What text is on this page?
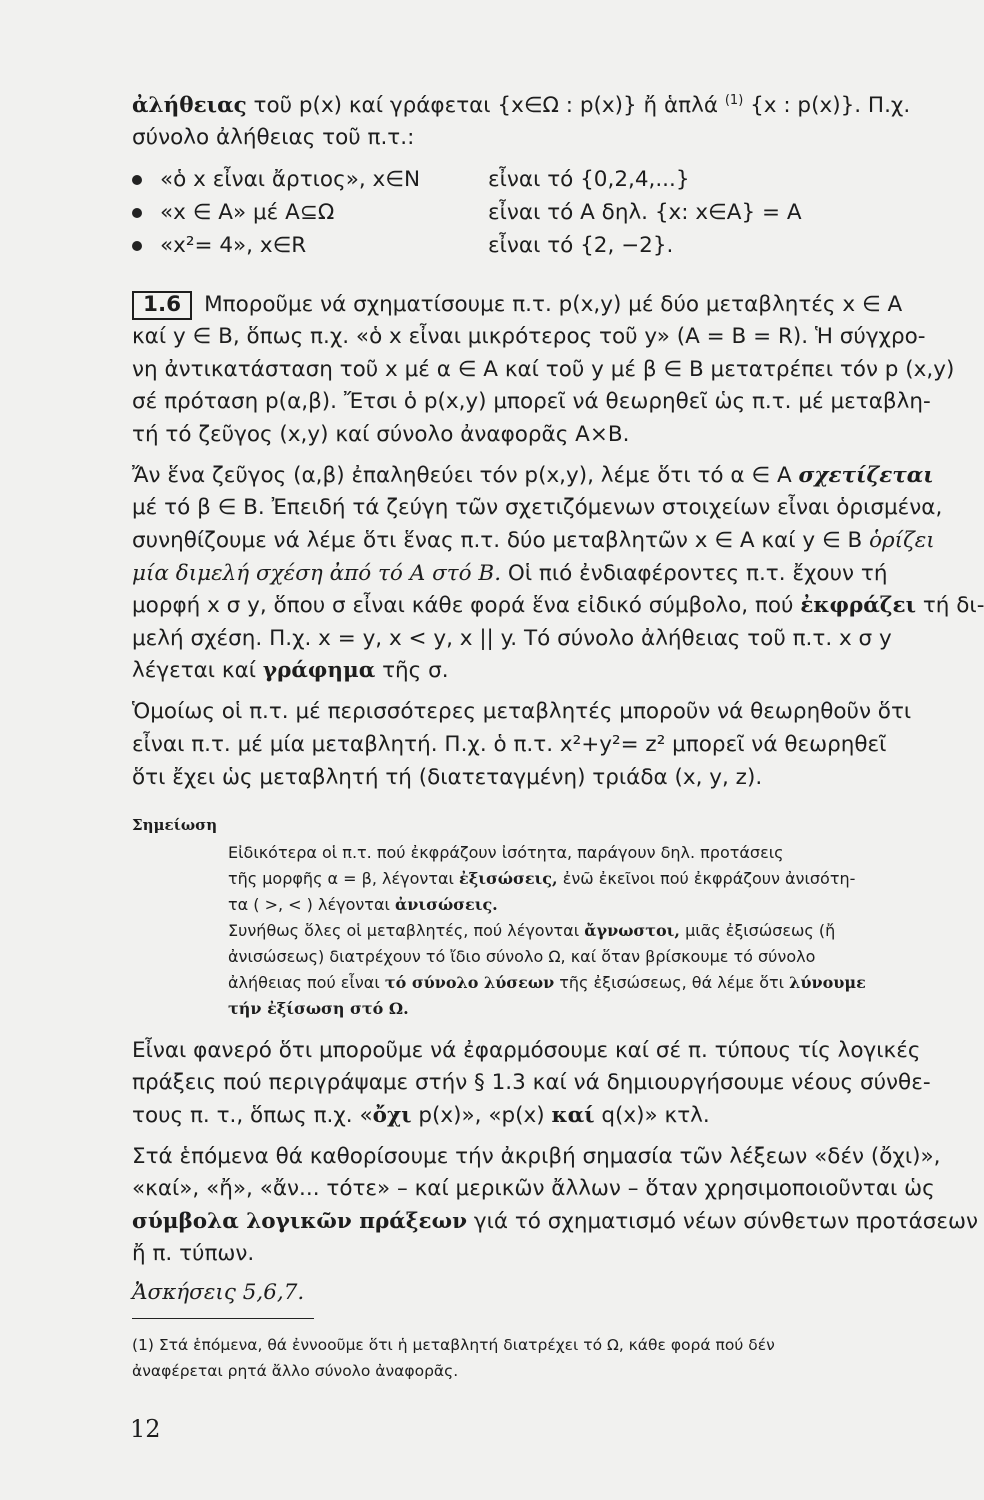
ἀλήθειας τοῦ p(x) καί γράφεται {x∈Ω : p(x)} ἤ ἁπλά $^{(1)}$ {x : p(x)}. Π.χ.
σύνολο ἀλήθειας τοῦ π.τ.:
«ὁ x εἶναι ἄρτιος», x∈N	εἶναι τό {0,2,4,...}
«x ∈ A» μέ A⊆Ω	εἶναι τό A δηλ. {x: x∈A} = A
«x²= 4», x∈R	εἶναι τό {2, −2}.
1.6 Μποροῦμε νά σχηματίσουμε π.τ. p(x,y) μέ δύο μεταβλητές x ∈ A
καί y ∈ B, ὅπως π.χ. «ὁ x εἶναι μικρότερος τοῦ y» (A = B = R). Ἡ σύγχρο-
νη ἀντικατάσταση τοῦ x μέ α ∈ A καί τοῦ y μέ β ∈ B μετατρέπει τόν p (x,y)
σέ πρόταση p(α,β). Ἔτσι ὁ p(x,y) μπορεῖ νά θεωρηθεῖ ὡς π.τ. μέ μεταβλη-
τή τό ζεῦγος (x,y) καί σύνολο ἀναφορᾶς A×B.
Ἄν ἕνα ζεῦγος (α,β) ἐπαληθεύει τόν p(x,y), λέμε ὅτι τό α ∈ A σχετίζεται
μέ τό β ∈ B. Ἐπειδή τά ζεύγη τῶν σχετιζόμενων στοιχείων εἶναι ὁρισμένα,
συνηθίζουμε νά λέμε ὅτι ἕνας π.τ. δύο μεταβλητῶν x ∈ A καί y ∈ B ὁρίζει
μία διμελή σχέση ἀπό τό A στό B. Οἱ πιό ἐνδιαφέροντες π.τ. ἔχουν τή
μορφή x σ y, ὅπου σ εἶναι κάθε φορά ἕνα εἰδικό σύμβολο, πού ἐκφράζει τή δι-
μελή σχέση. Π.χ. x = y, x < y, x || y. Τό σύνολο ἀλήθειας τοῦ π.τ. x σ y
λέγεται καί γράφημα τῆς σ.
Ὁμοίως οἱ π.τ. μέ περισσότερες μεταβλητές μποροῦν νά θεωρηθοῦν ὅτι
εἶναι π.τ. μέ μία μεταβλητή. Π.χ. ὁ π.τ. x²+y²= z² μπορεῖ νά θεωρηθεῖ
ὅτι ἔχει ὡς μεταβλητή τή (διατεταγμένη) τριάδα (x, y, z).
Σημείωση
Εἰδικότερα οἱ π.τ. πού ἐκφράζουν ἰσότητα, παράγουν δηλ. προτάσεις
τῆς μορφῆς α = β, λέγονται ἐξισώσεις, ἐνῶ ἐκεῖνοι πού ἐκφράζουν ἀνισότη-
τα ( >, < ) λέγονται ἀνισώσεις.
Συνήθως ὅλες οἱ μεταβλητές, πού λέγονται ἄγνωστοι, μιᾶς ἐξισώσεως (ἤ
ἀνισώσεως) διατρέχουν τό ἴδιο σύνολο Ω, καί ὅταν βρίσκουμε τό σύνολο
ἀλήθειας πού εἶναι τό σύνολο λύσεων τῆς ἐξισώσεως, θά λέμε ὅτι λύνουμε
τήν ἐξίσωση στό Ω.
Εἶναι φανερό ὅτι μποροῦμε νά ἐφαρμόσουμε καί σέ π. τύπους τίς λογικές
πράξεις πού περιγράψαμε στήν § 1.3 καί νά δημιουργήσουμε νέους σύνθε-
τους π. τ., ὅπως π.χ. «ὄχι p(x)», «p(x) καί q(x)» κτλ.
Στά ἑπόμενα θά καθορίσουμε τήν ἀκριβή σημασία τῶν λέξεων «δέν (ὄχι)»,
«καί», «ἤ», «ἄν... τότε» – καί μερικῶν ἄλλων – ὅταν χρησιμοποιοῦνται ὡς
σύμβολα λογικῶν πράξεων γιά τό σχηματισμό νέων σύνθετων προτάσεων
ἤ π. τύπων.
Ἀσκήσεις 5,6,7.
(1) Στά ἑπόμενα, θά ἐννοοῦμε ὅτι ἡ μεταβλητή διατρέχει τό Ω, κάθε φορά πού δέν
ἀναφέρεται ρητά ἄλλο σύνολο ἀναφορᾶς.
12
